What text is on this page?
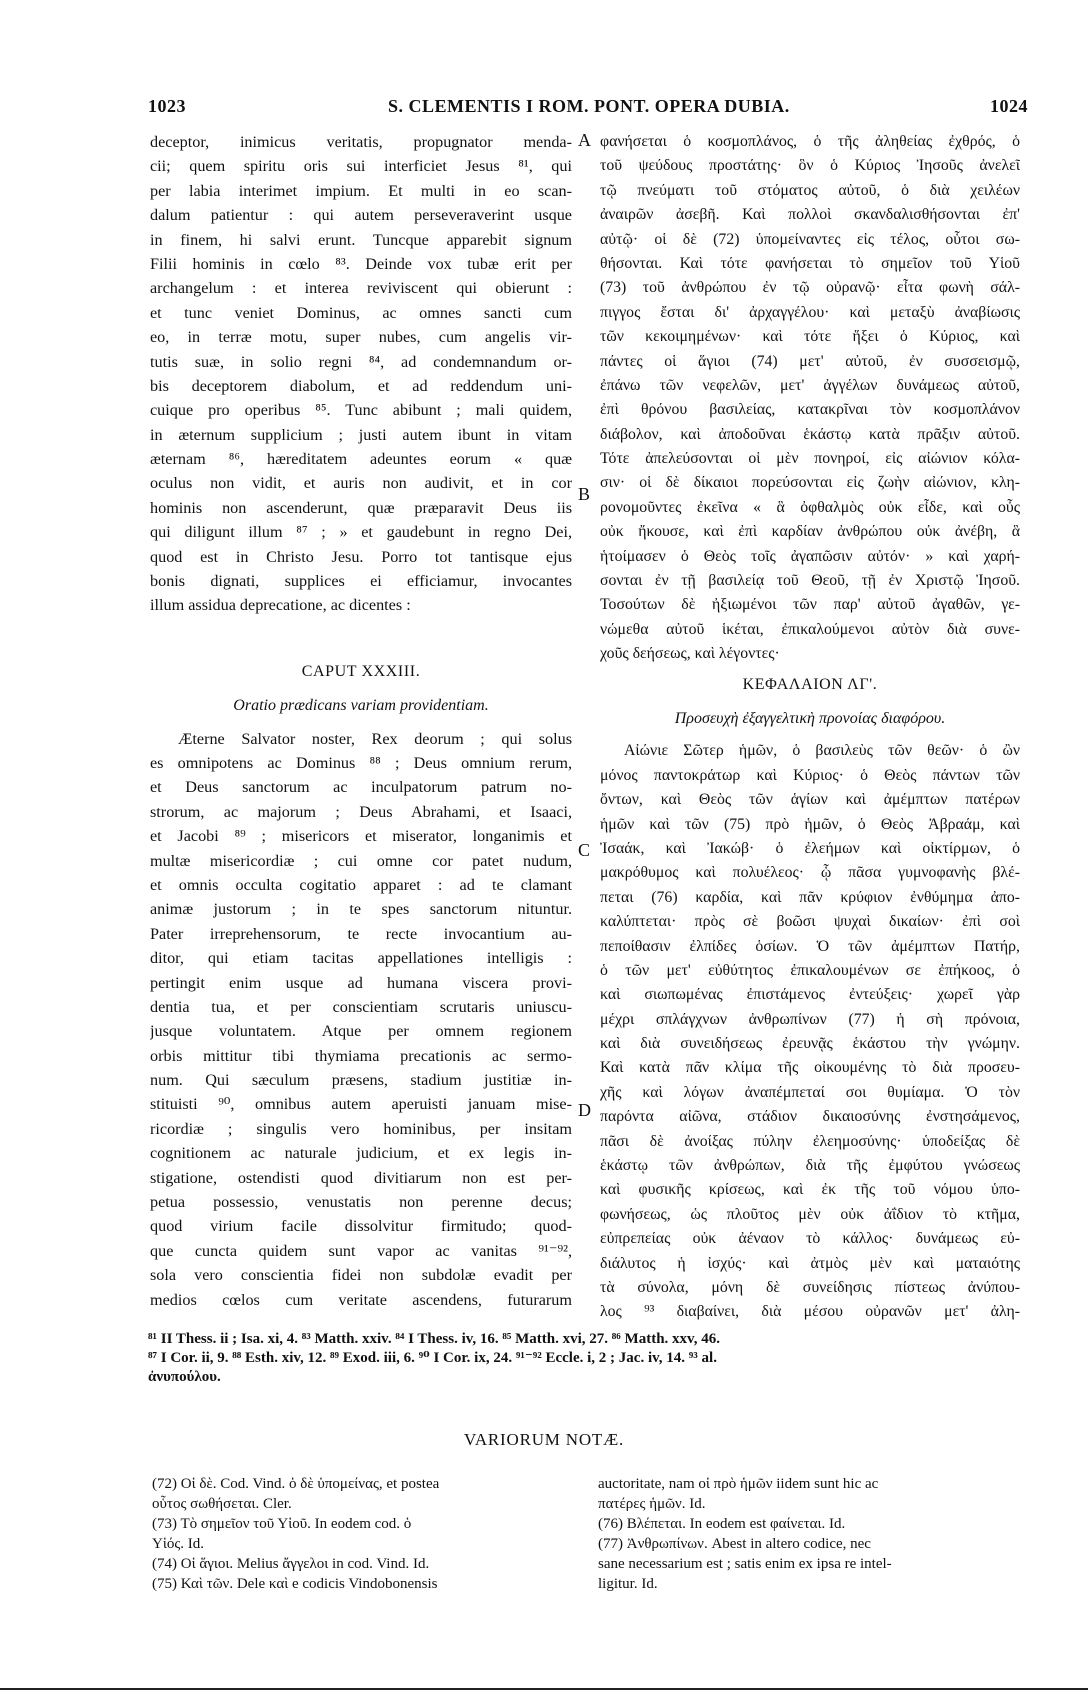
1023	S. CLEMENTIS I ROM. PONT. OPERA DUBIA.	1024
A
B
C
D
deceptor, inimicus veritatis, propugnator menda-
cii; quem spiritu oris sui interficiet Jesus ⁸¹, qui
per labia interimet impium. Et multi in eo scan-
dalum patientur : qui autem perseveraverint usque
in finem, hi salvi erunt. Tuncque apparebit signum
Filii hominis in cœlo ⁸³. Deinde vox tubæ erit per
archangelum : et interea reviviscent qui obierunt :
et tunc veniet Dominus, ac omnes sancti cum
eo, in terræ motu, super nubes, cum angelis vir-
tutis suæ, in solio regni ⁸⁴, ad condemnandum or-
bis deceptorem diabolum, et ad reddendum uni-
cuique pro operibus ⁸⁵. Tunc abibunt ; mali quidem,
in æternum supplicium ; justi autem ibunt in vitam
æternam ⁸⁶, hæreditatem adeuntes eorum « quæ
oculus non vidit, et auris non audivit, et in cor
hominis non ascenderunt, quæ præparavit Deus iis
qui diligunt illum ⁸⁷ ; » et gaudebunt in regno Dei,
quod est in Christo Jesu. Porro tot tantisque ejus
bonis dignati, supplices ei efficiamur, invocantes
illum assidua deprecatione, ac dicentes :
CAPUT XXXIII.
Oratio prædicans variam providentiam.
Æterne Salvator noster, Rex deorum ; qui solus
es omnipotens ac Dominus ⁸⁸ ; Deus omnium rerum,
et Deus sanctorum ac inculpatorum patrum no-
strorum, ac majorum ; Deus Abrahami, et Isaaci,
et Jacobi ⁸⁹ ; misericors et miserator, longanimis et
multæ misericordiæ ; cui omne cor patet nudum,
et omnis occulta cogitatio apparet : ad te clamant
animæ justorum ; in te spes sanctorum nituntur.
Pater irreprehensorum, te recte invocantium au-
ditor, qui etiam tacitas appellationes intelligis :
pertingit enim usque ad humana viscera provi-
dentia tua, et per conscientiam scrutaris uniuscu-
jusque voluntatem. Atque per omnem regionem
orbis mittitur tibi thymiama precationis ac sermo-
num. Qui sæculum præsens, stadium justitiæ in-
stituisti ⁹⁰, omnibus autem aperuisti januam mise-
ricordiæ ; singulis vero hominibus, per insitam
cognitionem ac naturale judicium, et ex legis in-
stigatione, ostendisti quod divitiarum non est per-
petua possessio, venustatis non perenne decus;
quod virium facile dissolvitur firmitudo; quod-
que cuncta quidem sunt vapor ac vanitas ⁹¹⁻⁹²,
sola vero conscientia fidei non subdolæ evadit per
medios cœlos cum veritate ascendens, futurarum
φανήσεται ὁ κοσμοπλάνος, ὁ τῆς ἀληθείας ἐχθρός, ὁ
τοῦ ψεύδους προστάτης· ὃν ὁ Κύριος Ἰησοῦς ἀνελεῖ
τῷ πνεύματι τοῦ στόματος αὐτοῦ, ὁ διὰ χειλέων
ἀναιρῶν ἀσεβῆ. Καὶ πολλοὶ σκανδαλισθήσονται ἐπ'
αὐτῷ· οἱ δὲ (72) ὑπομείναντες εἰς τέλος, οὗτοι σω-
θήσονται. Καὶ τότε φανήσεται τὸ σημεῖον τοῦ Υἱοῦ
(73) τοῦ ἀνθρώπου ἐν τῷ οὐρανῷ· εἶτα φωνὴ σάλ-
πιγγος ἔσται δι' ἀρχαγγέλου· καὶ μεταξὺ ἀναβίωσις
τῶν κεκοιμημένων· καὶ τότε ἥξει ὁ Κύριος, καὶ
πάντες οἱ ἅγιοι (74) μετ' αὐτοῦ, ἐν συσσεισμῷ,
ἐπάνω τῶν νεφελῶν, μετ' ἀγγέλων δυνάμεως αὐτοῦ,
ἐπὶ θρόνου βασιλείας, κατακρῖναι τὸν κοσμοπλάνον
διάβολον, καὶ ἀποδοῦναι ἑκάστῳ κατὰ πρᾶξιν αὐτοῦ.
Τότε ἀπελεύσονται οἱ μὲν πονηροί, εἰς αἰώνιον κόλα-
σιν· οἱ δὲ δίκαιοι πορεύσονται εἰς ζωὴν αἰώνιον, κλη-
ρονομοῦντες ἐκεῖνα « ἃ ὀφθαλμὸς οὐκ εἶδε, καὶ οὖς
οὐκ ἤκουσε, καὶ ἐπὶ καρδίαν ἀνθρώπου οὐκ ἀνέβη, ἃ
ἡτοίμασεν ὁ Θεὸς τοῖς ἀγαπῶσιν αὐτόν· » καὶ χαρή-
σονται ἐν τῇ βασιλείᾳ τοῦ Θεοῦ, τῇ ἐν Χριστῷ Ἰησοῦ.
Τοσούτων δὲ ἠξιωμένοι τῶν παρ' αὐτοῦ ἀγαθῶν, γε-
νώμεθα αὐτοῦ ἱκέται, ἐπικαλούμενοι αὐτὸν διὰ συνε-
χοῦς δεήσεως, καὶ λέγοντες·
ΚΕΦΑΛΑΙΟΝ ΛΓ'.
Προσευχὴ ἐξαγγελτικὴ προνοίας διαφόρου.
Αἰώνιε Σῶτερ ἡμῶν, ὁ βασιλεὺς τῶν θεῶν· ὁ ὢν
μόνος παντοκράτωρ καὶ Κύριος· ὁ Θεὸς πάντων τῶν
ὄντων, καὶ Θεὸς τῶν ἁγίων καὶ ἀμέμπτων πατέρων
ἡμῶν καὶ τῶν (75) πρὸ ἡμῶν, ὁ Θεὸς Ἀβραάμ, καὶ
Ἰσαάκ, καὶ Ἰακώβ· ὁ ἐλεήμων καὶ οἰκτίρμων, ὁ
μακρόθυμος καὶ πολυέλεος· ᾧ πᾶσα γυμνοφανὴς βλέ-
πεται (76) καρδία, καὶ πᾶν κρύφιον ἐνθύμημα ἀπο-
καλύπτεται· πρὸς σὲ βοῶσι ψυχαὶ δικαίων· ἐπὶ σοὶ
πεποίθασιν ἐλπίδες ὁσίων. Ὁ τῶν ἀμέμπτων Πατήρ,
ὁ τῶν μετ' εὐθύτητος ἐπικαλουμένων σε ἐπήκοος, ὁ
καὶ σιωπωμένας ἐπιστάμενος ἐντεύξεις· χωρεῖ γὰρ
μέχρι σπλάγχνων ἀνθρωπίνων (77) ἡ σὴ πρόνοια,
καὶ διὰ συνειδήσεως ἐρευνᾷς ἑκάστου τὴν γνώμην.
Καὶ κατὰ πᾶν κλίμα τῆς οἰκουμένης τὸ διὰ προσευ-
χῆς καὶ λόγων ἀναπέμπεταί σοι θυμίαμα. Ὁ τὸν
παρόντα αἰῶνα, στάδιον δικαιοσύνης ἐνστησάμενος,
πᾶσι δὲ ἀνοίξας πύλην ἐλεημοσύνης· ὑποδείξας δὲ
ἑκάστῳ τῶν ἀνθρώπων, διὰ τῆς ἐμφύτου γνώσεως
καὶ φυσικῆς κρίσεως, καὶ ἐκ τῆς τοῦ νόμου ὑπο-
φωνήσεως, ὡς πλοῦτος μὲν οὐκ ἀΐδιον τὸ κτῆμα,
εὐπρεπείας οὐκ ἀέναον τὸ κάλλος· δυνάμεως εὐ-
διάλυτος ἡ ἰσχύς· καὶ ἀτμὸς μὲν καὶ ματαιότης
τὰ σύνολα, μόνη δὲ συνείδησις πίστεως ἀνύπου-
λος ⁹³ διαβαίνει, διὰ μέσου οὐρανῶν μετ' ἀλη-
⁸¹ II Thess. ii ; Isa. xi, 4. ⁸³ Matth. xxiv. ⁸⁴ I Thess. iv, 16. ⁸⁵ Matth. xvi, 27. ⁸⁶ Matth. xxv, 46.
⁸⁷ I Cor. ii, 9. ⁸⁸ Esth. xiv, 12. ⁸⁹ Exod. iii, 6. ⁹⁰ I Cor. ix, 24. ⁹¹⁻⁹² Eccle. i, 2 ; Jac. iv, 14. ⁹³ al.
ἀνυπούλου.
VARIORUM NOTÆ.
(72) Οἱ δὲ. Cod. Vind. ὁ δὲ ὑπομείνας, et postea
οὗτος σωθήσεται. Cler.
(73) Τὸ σημεῖον τοῦ Υἱοῦ. In eodem cod. ὁ
Υἱός. Id.
(74) Οἱ ἅγιοι. Melius ἄγγελοι in cod. Vind. Id.
(75) Καὶ τῶν. Dele καὶ e codicis Vindobonensis
auctoritate, nam οἱ πρὸ ἡμῶν iidem sunt hic ac
πατέρες ἡμῶν. Id.
(76) Βλέπεται. In eodem est φαίνεται. Id.
(77) Ἀνθρωπίνων. Abest in altero codice, nec
sane necessarium est ; satis enim ex ipsa re intel-
ligitur. Id.
